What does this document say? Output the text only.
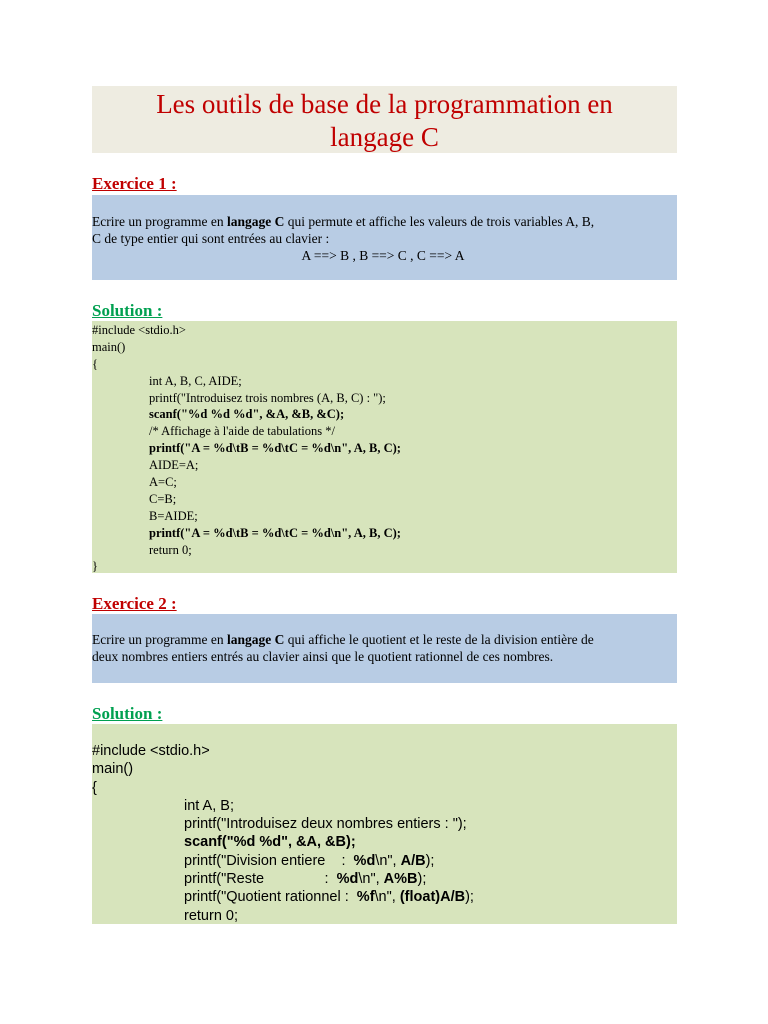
Les outils de base de la programmation en
langage C
Exercice 1 :
Ecrire un programme en langage C qui permute et affiche les valeurs de trois variables A, B,
C de type entier qui sont entrées au clavier :
A ==> B , B ==> C , C ==> A
Solution :
#include <stdio.h>
main()
{
int A, B, C, AIDE;
printf("Introduisez trois nombres (A, B, C) : ");
scanf("%d %d %d", &A, &B, &C);
/* Affichage à l'aide de tabulations */
printf("A = %d\tB = %d\tC = %d\n", A, B, C);
AIDE=A;
A=C;
C=B;
B=AIDE;
printf("A = %d\tB = %d\tC = %d\n", A, B, C);
return 0;
}
Exercice 2 :
Ecrire un programme en langage C qui affiche le quotient et le reste de la division entière de
deux nombres entiers entrés au clavier ainsi que le quotient rationnel de ces nombres.
Solution :
#include <stdio.h>
main()
{
int A, B;
printf("Introduisez deux nombres entiers : ");
scanf("%d %d", &A, &B);
printf("Division entiere    :  %d\n", A/B);
printf("Reste               :  %d\n", A%B);
printf("Quotient rationnel :  %f\n", (float)A/B);
return 0;
